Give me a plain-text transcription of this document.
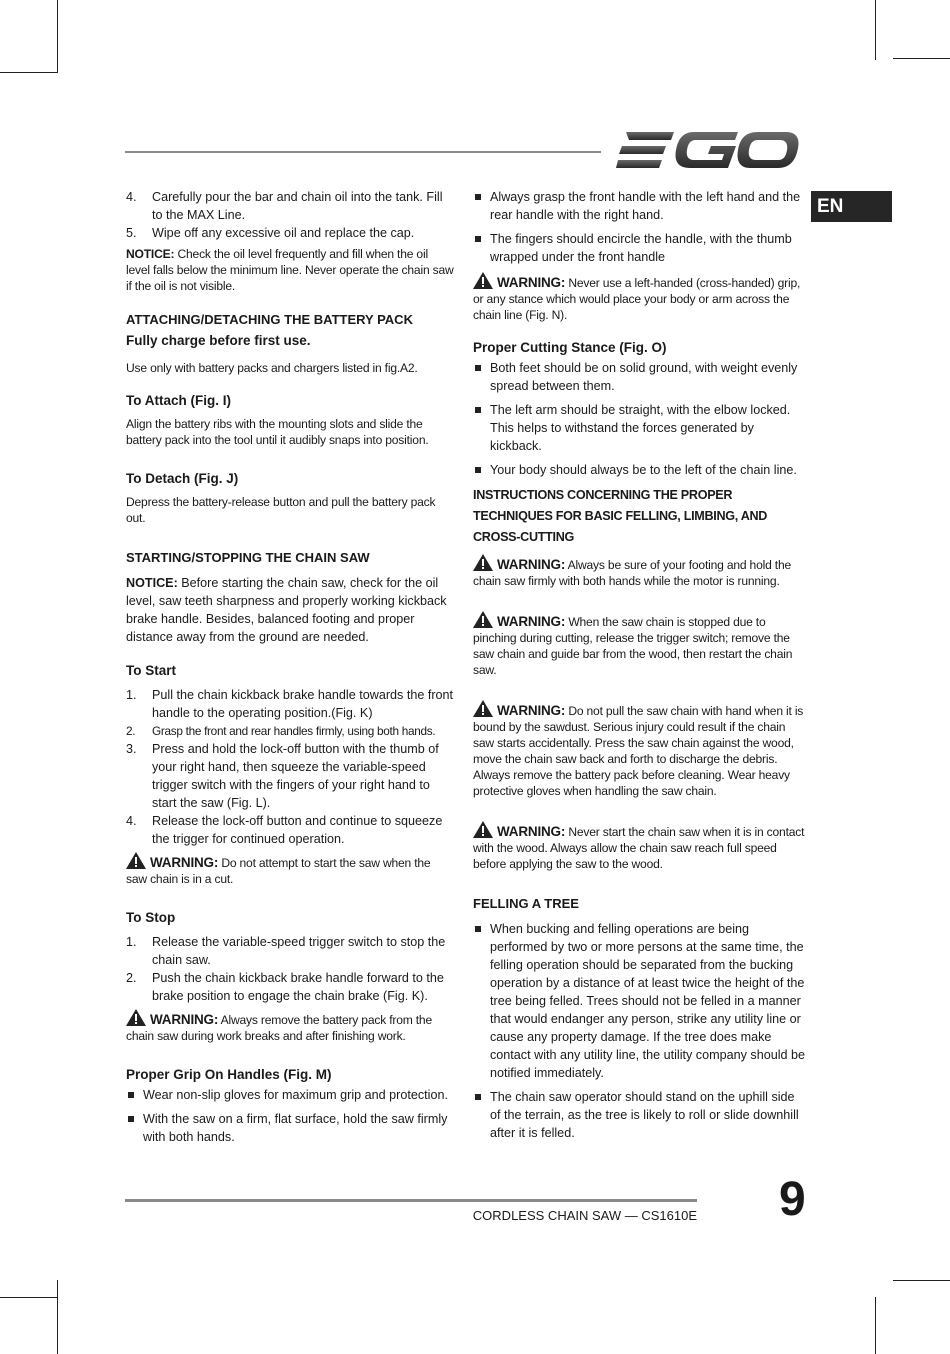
EN
4. Carefully pour the bar and chain oil into the tank. Fill to the MAX Line.
5. Wipe off any excessive oil and replace the cap.

NOTICE: Check the oil level frequently and fill when the oil level falls below the minimum line. Never operate the chain saw if the oil is not visible.

ATTACHING/DETACHING THE BATTERY PACK
Fully charge before first use.

Use only with battery packs and chargers listed in fig.A2.

To Attach (Fig. I)

Align the battery ribs with the mounting slots and slide the battery pack into the tool until it audibly snaps into position.

To Detach (Fig. J)

Depress the battery-release button and pull the battery pack out.

STARTING/STOPPING THE CHAIN SAW

NOTICE: Before starting the chain saw, check for the oil level, saw teeth sharpness and properly working kickback brake handle. Besides, balanced footing and proper distance away from the ground are needed.

To Start
1. Pull the chain kickback brake handle towards the front handle to the operating position.(Fig. K)
2. Grasp the front and rear handles firmly, using both hands.
3. Press and hold the lock-off button with the thumb of your right hand, then squeeze the variable-speed trigger switch with the fingers of your right hand to start the saw (Fig. L).
4. Release the lock-off button and continue to squeeze the trigger for continued operation.

WARNING: Do not attempt to start the saw when the saw chain is in a cut.

To Stop
1. Release the variable-speed trigger switch to stop the chain saw.
2. Push the chain kickback brake handle forward to the brake position to engage the chain brake (Fig. K).

WARNING: Always remove the battery pack from the chain saw during work breaks and after finishing work.

Proper Grip On Handles (Fig. M)
Wear non-slip gloves for maximum grip and protection.
With the saw on a firm, flat surface, hold the saw firmly with both hands.
Always grasp the front handle with the left hand and the rear handle with the right hand.
The fingers should encircle the handle, with the thumb wrapped under the front handle

WARNING: Never use a left-handed (cross-handed) grip, or any stance which would place your body or arm across the chain line (Fig. N).

Proper Cutting Stance (Fig. O)
Both feet should be on solid ground, with weight evenly spread between them.
The left arm should be straight, with the elbow locked. This helps to withstand the forces generated by kickback.
Your body should always be to the left of the chain line.
INSTRUCTIONS CONCERNING THE PROPER TECHNIQUES FOR BASIC FELLING, LIMBING, AND CROSS-CUTTING

WARNING: Always be sure of your footing and hold the chain saw firmly with both hands while the motor is running.

WARNING: When the saw chain is stopped due to pinching during cutting, release the trigger switch; remove the saw chain and guide bar from the wood, then restart the chain saw.

WARNING: Do not pull the saw chain with hand when it is bound by the sawdust. Serious injury could result if the chain saw starts accidentally. Press the saw chain against the wood, move the chain saw back and forth to discharge the debris. Always remove the battery pack before cleaning. Wear heavy protective gloves when handling the saw chain.

WARNING: Never start the chain saw when it is in contact with the wood. Always allow the chain saw reach full speed before applying the saw to the wood.

FELLING A TREE
When bucking and felling operations are being performed by two or more persons at the same time, the felling operation should be separated from the bucking operation by a distance of at least twice the height of the tree being felled. Trees should not be felled in a manner that would endanger any person, strike any utility line or cause any property damage. If the tree does make contact with any utility line, the utility company should be notified immediately.
The chain saw operator should stand on the uphill side of the terrain, as the tree is likely to roll or slide downhill after it is felled.
CORDLESS CHAIN SAW — CS1610E 9
